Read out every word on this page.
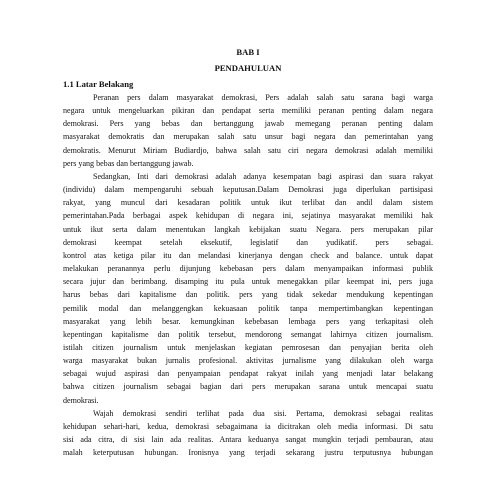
BAB I

PENDAHULUAN

1.1 Latar Belakang

Peranan pers dalam masyarakat demokrasi, Pers adalah salah satu sarana bagi warga
negara untuk mengeluarkan pikiran dan pendapat serta memiliki peranan penting dalam negara
demokrasi. Pers yang bebas dan bertanggung jawab memegang peranan penting dalam
masyarakat demokratis dan merupakan salah satu unsur bagi negara dan pemerintahan yang
demokratis. Menurut Miriam Budiardjo, bahwa salah satu ciri negara demokrasi adalah memiliki
pers yang bebas dan bertanggung jawab.

Sedangkan, Inti dari demokrasi adalah adanya kesempatan bagi aspirasi dan suara rakyat
(individu) dalam mempengaruhi sebuah keputusan.Dalam Demokrasi juga diperlukan partisipasi
rakyat, yang muncul dari kesadaran politik untuk ikut terlibat dan andil dalam sistem
pemerintahan.Pada berbagai aspek kehidupan di negara ini, sejatinya masyarakat memiliki hak
untuk ikut serta dalam menentukan langkah kebijakan suatu Negara. pers merupakan pilar
demokrasi keempat setelah eksekutif, legislatif dan yudikatif. pers sebagai.
kontrol atas ketiga pilar itu dan melandasi kinerjanya dengan check and balance. untuk dapat
melakukan peranannya perlu dijunjung kebebasan pers dalam menyampaikan informasi publik
secara jujur dan berimbang. disamping itu pula untuk menegakkan pilar keempat ini, pers juga
harus bebas dari kapitalisme dan politik. pers yang tidak sekedar mendukung kepentingan
pemilik modal dan melanggengkan kekuasaan politik tanpa mempertimbangkan kepentingan
masyarakat yang lebih besar. kemungkinan kebebasan lembaga pers yang terkapitasi oleh
kepentingan kapitalisme dan politik tersebut, mendorong semangat lahirnya citizen journalism.
istilah citizen journalism untuk menjelaskan kegiatan pemrosesan dan penyajian berita oleh
warga masyarakat bukan jurnalis profesional. aktivitas jurnalisme yang dilakukan oleh warga
sebagai wujud aspirasi dan penyampaian pendapat rakyat inilah yang menjadi latar belakang
bahwa citizen journalism sebagai bagian dari pers merupakan sarana untuk mencapai suatu
demokrasi.

Wajah demokrasi sendiri terlihat pada dua sisi. Pertama, demokrasi sebagai realitas
kehidupan sehari-hari, kedua, demokrasi sebagaimana ia dicitrakan oleh media informasi. Di satu
sisi ada citra, di sisi lain ada realitas. Antara keduanya sangat mungkin terjadi pembauran, atau
malah keterputusan hubungan. Ironisnya yang terjadi sekarang justru terputusnya hubungan
